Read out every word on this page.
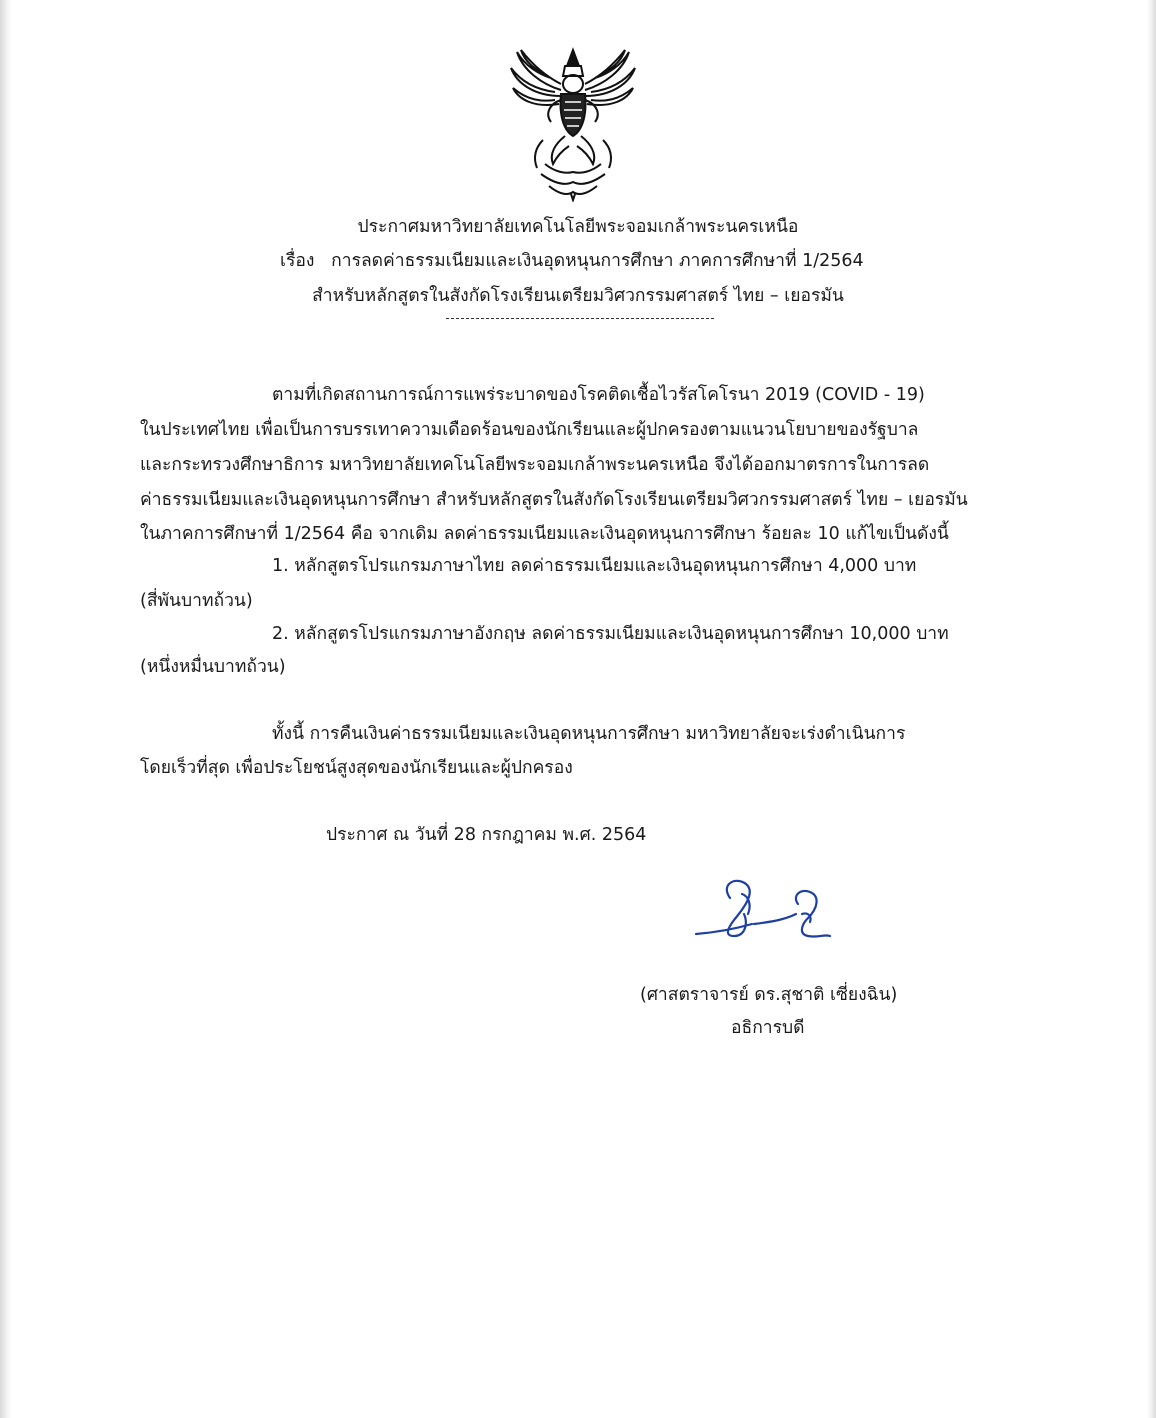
ประกาศมหาวิทยาลัยเทคโนโลยีพระจอมเกล้าพระนครเหนือ
เรื่อง การลดค่าธรรมเนียมและเงินอุดหนุนการศึกษา ภาคการศึกษาที่ 1/2564
สำหรับหลักสูตรในสังกัดโรงเรียนเตรียมวิศวกรรมศาสตร์ ไทย – เยอรมัน
ตามที่เกิดสถานการณ์การแพร่ระบาดของโรคติดเชื้อไวรัสโคโรนา 2019 (COVID - 19)
ในประเทศไทย เพื่อเป็นการบรรเทาความเดือดร้อนของนักเรียนและผู้ปกครองตามแนวนโยบายของรัฐบาล
และกระทรวงศึกษาธิการ มหาวิทยาลัยเทคโนโลยีพระจอมเกล้าพระนครเหนือ จึงได้ออกมาตรการในการลด
ค่าธรรมเนียมและเงินอุดหนุนการศึกษา สำหรับหลักสูตรในสังกัดโรงเรียนเตรียมวิศวกรรมศาสตร์ ไทย – เยอรมัน
ในภาคการศึกษาที่ 1/2564 คือ จากเดิม ลดค่าธรรมเนียมและเงินอุดหนุนการศึกษา ร้อยละ 10 แก้ไขเป็นดังนี้
1. หลักสูตรโปรแกรมภาษาไทย ลดค่าธรรมเนียมและเงินอุดหนุนการศึกษา 4,000 บาท
(สี่พันบาทถ้วน)
2. หลักสูตรโปรแกรมภาษาอังกฤษ ลดค่าธรรมเนียมและเงินอุดหนุนการศึกษา 10,000 บาท
(หนึ่งหมื่นบาทถ้วน)
ทั้งนี้ การคืนเงินค่าธรรมเนียมและเงินอุดหนุนการศึกษา มหาวิทยาลัยจะเร่งดำเนินการ
โดยเร็วที่สุด เพื่อประโยชน์สูงสุดของนักเรียนและผู้ปกครอง
ประกาศ ณ วันที่ 28 กรกฎาคม พ.ศ. 2564
(ศาสตราจารย์ ดร.สุชาติ เซี่ยงฉิน)
อธิการบดี
